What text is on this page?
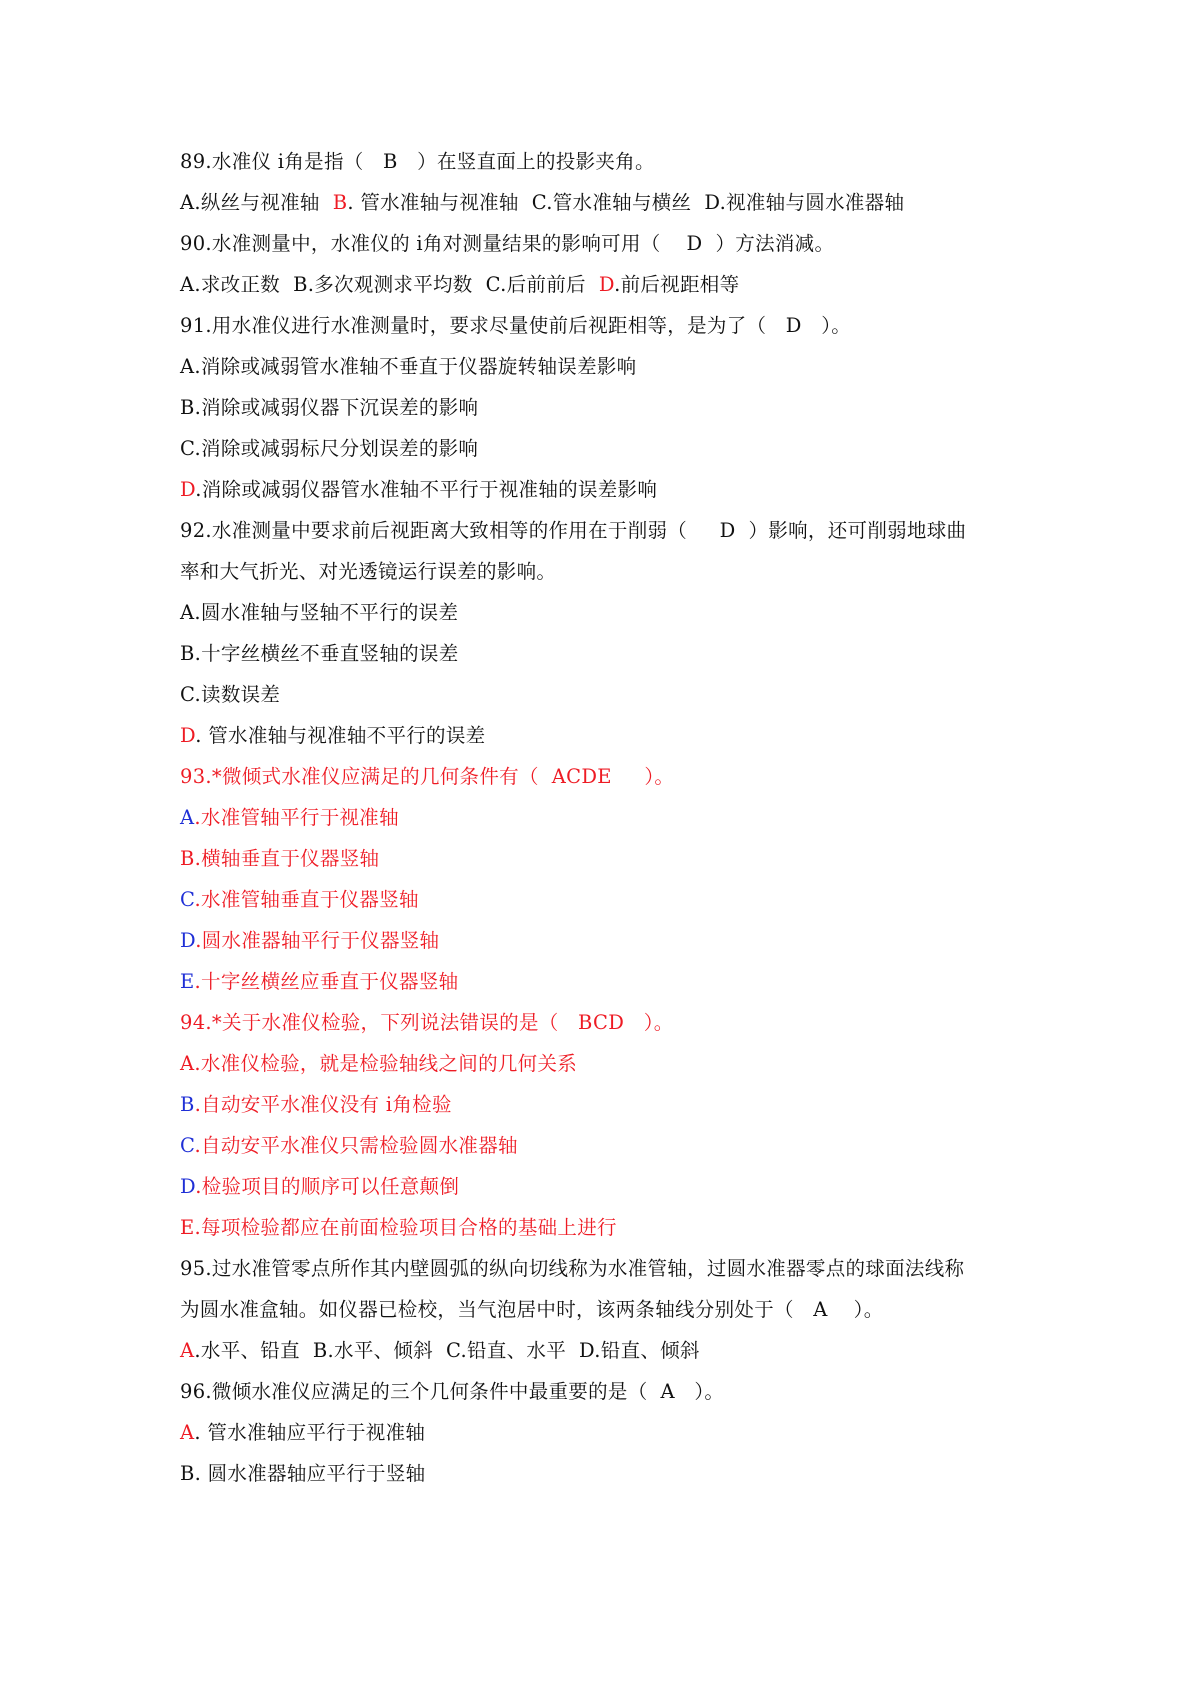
89.水准仪 i角是指（   B   ）在竖直面上的投影夹角。
A.纵丝与视准轴  B. 管水准轴与视准轴  C.管水准轴与横丝  D.视准轴与圆水准器轴
90.水准测量中，水准仪的 i角对测量结果的影响可用（    D  ）方法消减。
A.求改正数  B.多次观测求平均数  C.后前前后  D.前后视距相等
91.用水准仪进行水准测量时，要求尽量使前后视距相等，是为了（   D   ）。
A.消除或减弱管水准轴不垂直于仪器旋转轴误差影响
B.消除或减弱仪器下沉误差的影响
C.消除或减弱标尺分划误差的影响
D.消除或减弱仪器管水准轴不平行于视准轴的误差影响
92.水准测量中要求前后视距离大致相等的作用在于削弱（     D  ）影响，还可削弱地球曲
率和大气折光、对光透镜运行误差的影响。
A.圆水准轴与竖轴不平行的误差
B.十字丝横丝不垂直竖轴的误差
C.读数误差
D. 管水准轴与视准轴不平行的误差
93.*微倾式水准仪应满足的几何条件有（  ACDE     ）。
A.水准管轴平行于视准轴
B.横轴垂直于仪器竖轴
C.水准管轴垂直于仪器竖轴
D.圆水准器轴平行于仪器竖轴
E.十字丝横丝应垂直于仪器竖轴
94.*关于水准仪检验，下列说法错误的是（   BCD   ）。
A.水准仪检验，就是检验轴线之间的几何关系
B.自动安平水准仪没有 i角检验
C.自动安平水准仪只需检验圆水准器轴
D.检验项目的顺序可以任意颠倒
E.每项检验都应在前面检验项目合格的基础上进行
95.过水准管零点所作其内壁圆弧的纵向切线称为水准管轴，过圆水准器零点的球面法线称
为圆水准盒轴。如仪器已检校，当气泡居中时，该两条轴线分别处于（   A    ）。
A.水平、铅直  B.水平、倾斜  C.铅直、水平  D.铅直、倾斜
96.微倾水准仪应满足的三个几何条件中最重要的是（  A   ）。
A. 管水准轴应平行于视准轴
B. 圆水准器轴应平行于竖轴
